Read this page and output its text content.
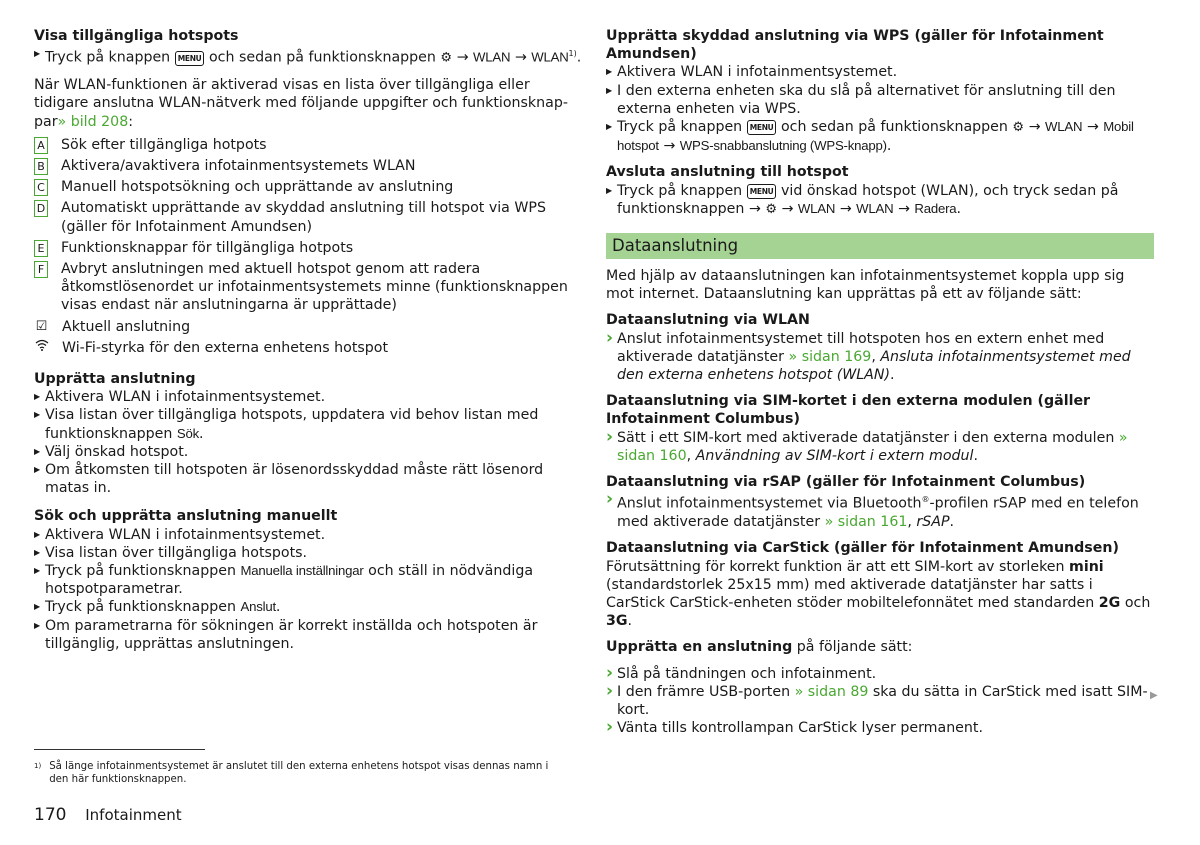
Visa tillgängliga hotspots

▶ Tryck på knappen MENU och sedan på funktionsknappen ⚙ → WLAN → $WLAN^{1)}$.

När WLAN-funktionen är aktiverad visas en lista över tillgängliga eller tidigare anslutna WLAN-nätverk med följande uppgifter och funktionsknap-
par» bild 208:

A Sök efter tillgängliga hotpots
B Aktivera/avaktivera infotainmentsystemets WLAN
C Manuell hotspotsökning och upprättande av anslutning
D Automatiskt upprättande av skyddad anslutning till hotspot via WPS (gäller för Infotainment Amundsen)
E Funktionsknappar för tillgängliga hotpots
F Avbryt anslutningen med aktuell hotspot genom att radera åtkomstlösenordet ur infotainmentsystemets minne (funktionsknappen visas endast när anslutningarna är upprättade)
☑ Aktuell anslutning
Wi-Fi-styrka för den externa enhetens hotspot

Upprätta anslutning

▶ Aktivera WLAN i infotainmentsystemet.
▶ Visa listan över tillgängliga hotspots, uppdatera vid behov listan med funktionsknappen Sök.
▶ Välj önskad hotspot.
▶ Om åtkomsten till hotspoten är lösenordsskyddad måste rätt lösenord matas in.

Sök och upprätta anslutning manuellt

▶ Aktivera WLAN i infotainmentsystemet.
▶ Visa listan över tillgängliga hotspots.
▶ Tryck på funktionsknappen Manuella inställningar och ställ in nödvändiga hotspotparametrar.
▶ Tryck på funktionsknappen Anslut.
▶ Om parametrarna för sökningen är korrekt inställda och hotspoten är tillgänglig, upprättas anslutningen.

Upprätta skyddad anslutning via WPS (gäller för Infotainment Amundsen)

▶ Aktivera WLAN i infotainmentsystemet.
▶ I den externa enheten ska du slå på alternativet för anslutning till den externa enheten via WPS.
▶ Tryck på knappen MENU och sedan på funktionsknappen ⚙ → WLAN → Mobil hotspot → WPS-snabbanslutning (WPS-knapp).

Avsluta anslutning till hotspot

▶ Tryck på knappen MENU vid önskad hotspot (WLAN), och tryck sedan på funktionsknappen → ⚙ → WLAN → WLAN → Radera.
Dataanslutning

Med hjälp av dataanslutningen kan infotainmentsystemet koppla upp sig mot internet. Dataanslutning kan upprättas på ett av följande sätt:

Dataanslutning via WLAN

› Anslut infotainmentsystemet till hotspoten hos en extern enhet med aktiverade datatjänster » sidan 169, Ansluta infotainmentsystemet med den externa enhetens hotspot (WLAN).

Dataanslutning via SIM-kortet i den externa modulen (gäller Infotainment Columbus)

› Sätt i ett SIM-kort med aktiverade datatjänster i den externa modulen » sidan 160, Användning av SIM-kort i extern modul.

Dataanslutning via rSAP (gäller för Infotainment Columbus)

› Anslut infotainmentsystemet via Bluetooth®-profilen rSAP med en telefon med aktiverade datatjänster » sidan 161, rSAP.

Dataanslutning via CarStick (gäller för Infotainment Amundsen)

Förutsättning för korrekt funktion är att ett SIM-kort av storleken mini (standardstorlek 25x15 mm) med aktiverade datatjänster har satts i CarStick CarStick-enheten stöder mobiltelefonnätet med standarden 2G och 3G.

Upprätta en anslutning på följande sätt:

› Slå på tändningen och infotainment.
› I den främre USB-porten » sidan 89 ska du sätta in CarStick med isatt SIM-kort.
› Vänta tills kontrollampan CarStick lyser permanent.
▶
$^{1)}$ Så länge infotainmentsystemet är anslutet till den externa enhetens hotspot visas dennas namn i den här funktionsknappen.
170 Infotainment
